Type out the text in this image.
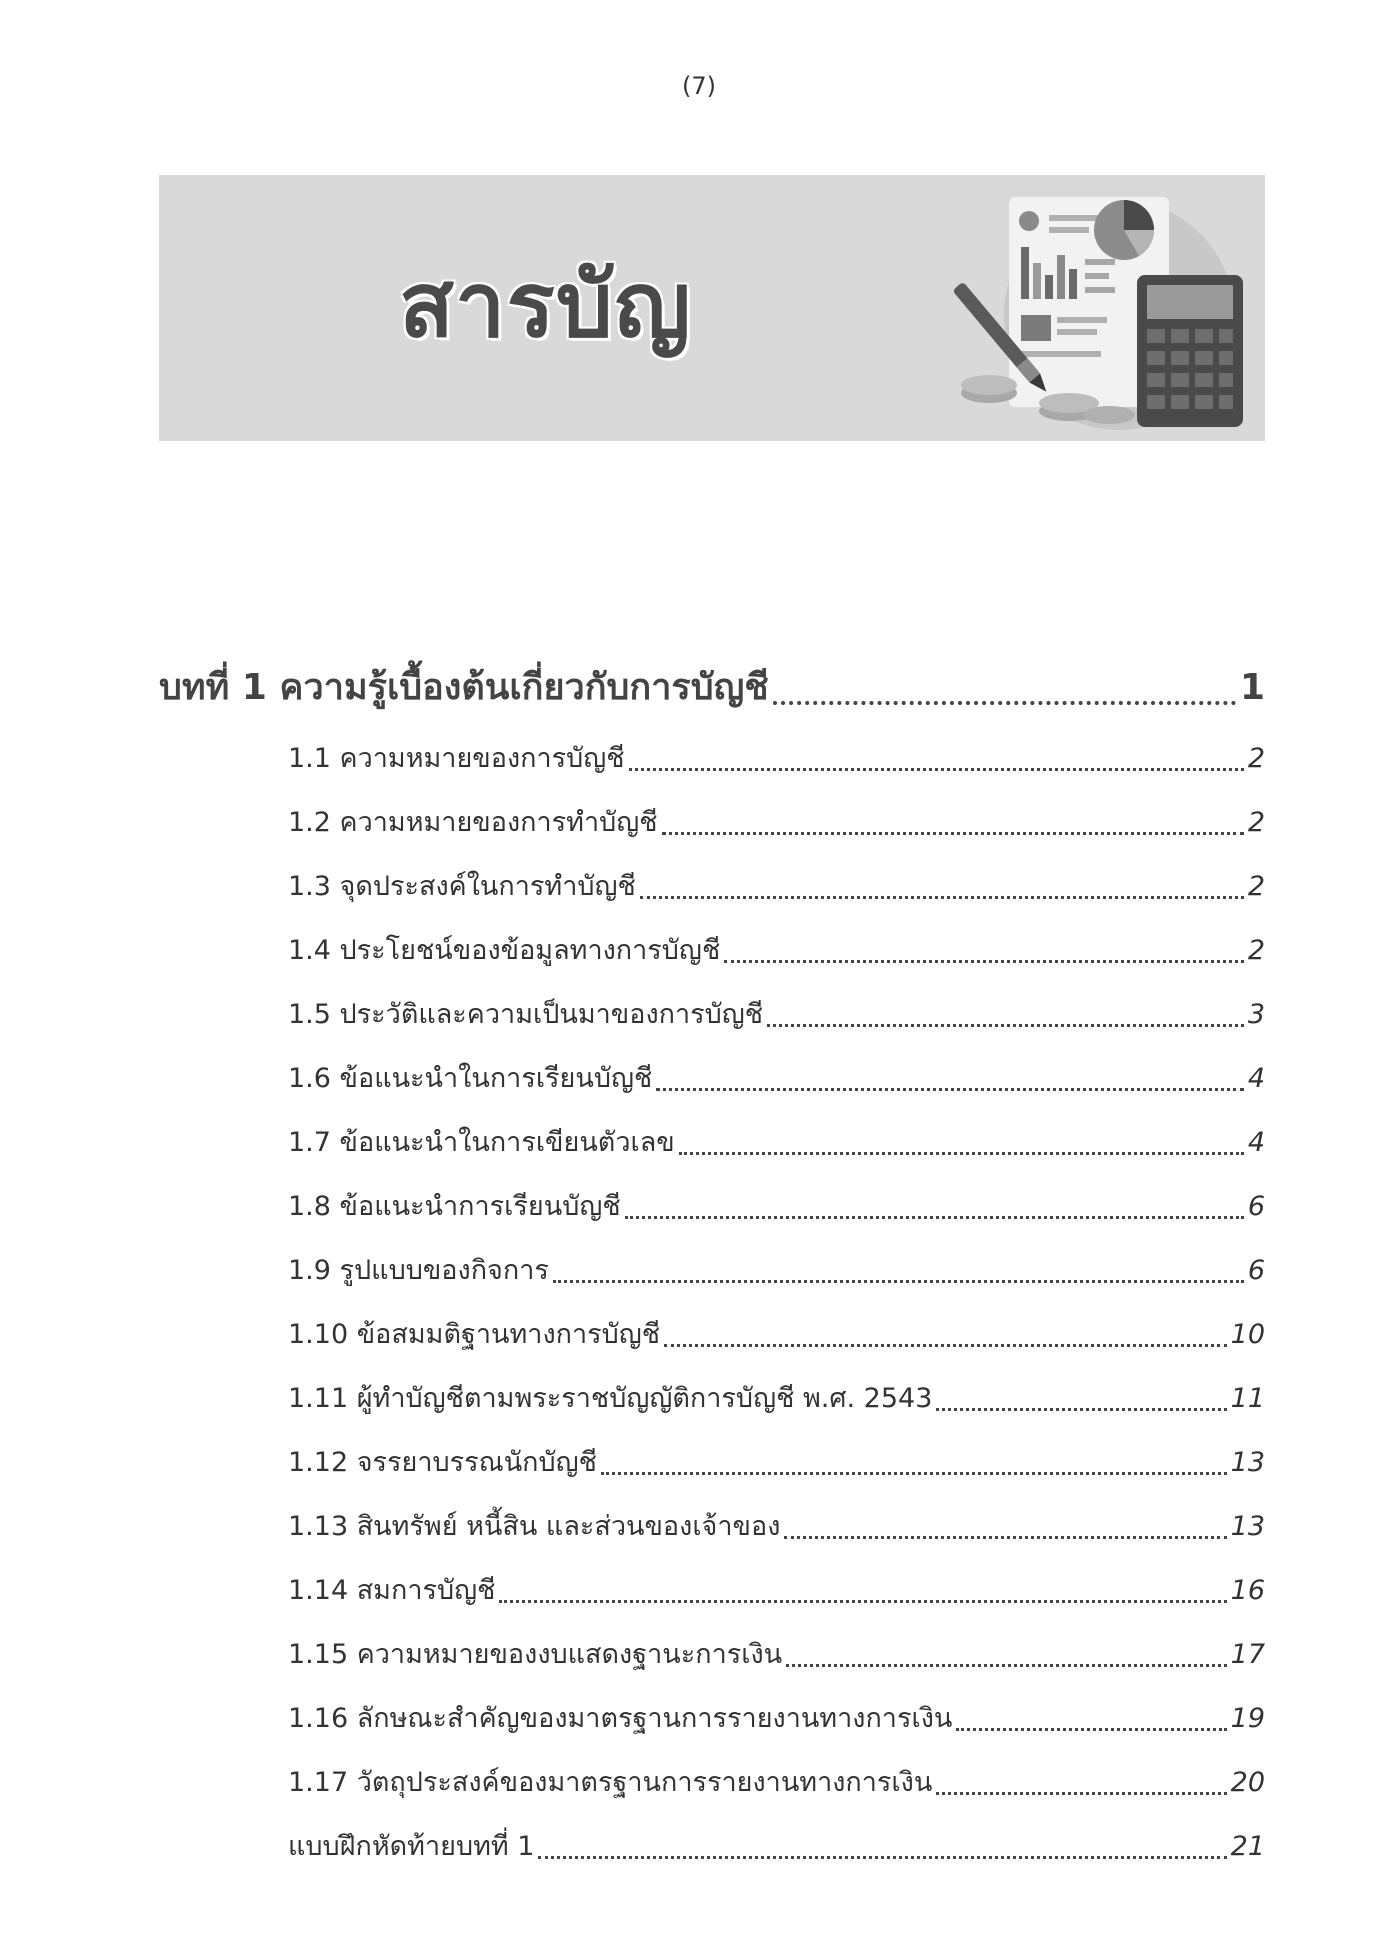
(7)
สารบัญ
บทที่ 1 ความรู้เบื้องต้นเกี่ยวกับการบัญชี	1
1.1 ความหมายของการบัญชี	2
1.2 ความหมายของการทำบัญชี	2
1.3 จุดประสงค์ในการทำบัญชี	2
1.4 ประโยชน์ของข้อมูลทางการบัญชี	2
1.5 ประวัติและความเป็นมาของการบัญชี	3
1.6 ข้อแนะนำในการเรียนบัญชี	4
1.7 ข้อแนะนำในการเขียนตัวเลข	4
1.8 ข้อแนะนำการเรียนบัญชี	6
1.9 รูปแบบของกิจการ	6
1.10 ข้อสมมติฐานทางการบัญชี	10
1.11 ผู้ทำบัญชีตามพระราชบัญญัติการบัญชี พ.ศ. 2543	11
1.12 จรรยาบรรณนักบัญชี	13
1.13 สินทรัพย์ หนี้สิน และส่วนของเจ้าของ	13
1.14 สมการบัญชี	16
1.15 ความหมายของงบแสดงฐานะการเงิน	17
1.16 ลักษณะสำคัญของมาตรฐานการรายงานทางการเงิน	19
1.17 วัตถุประสงค์ของมาตรฐานการรายงานทางการเงิน	20
แบบฝึกหัดท้ายบทที่ 1	21
